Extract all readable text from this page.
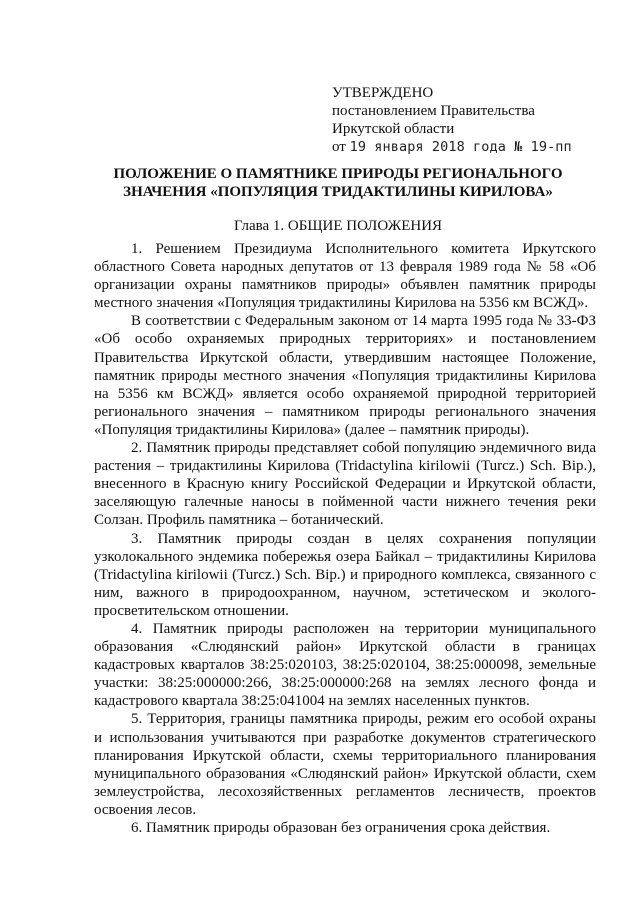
УТВЕРЖДЕНО
постановлением Правительства
Иркутской области
от 19 января 2018 года № 19-пп
ПОЛОЖЕНИЕ О ПАМЯТНИКЕ ПРИРОДЫ РЕГИОНАЛЬНОГО
ЗНАЧЕНИЯ «ПОПУЛЯЦИЯ ТРИДАКТИЛИНЫ КИРИЛОВА»
Глава 1. ОБЩИЕ ПОЛОЖЕНИЯ

1. Решением Президиума Исполнительного комитета Иркутского областного Совета народных депутатов от 13 февраля 1989 года № 58 «Об организации охраны памятников природы» объявлен памятник природы местного значения «Популяция тридактилины Кирилова на 5356 км ВСЖД».

В соответствии с Федеральным законом от 14 марта 1995 года № 33-ФЗ «Об особо охраняемых природных территориях» и постановлением Правительства Иркутской области, утвердившим настоящее Положение, памятник природы местного значения «Популяция тридактилины Кирилова на 5356 км ВСЖД» является особо охраняемой природной территорией регионального значения – памятником природы регионального значения «Популяция тридактилины Кирилова» (далее – памятник природы).

2. Памятник природы представляет собой популяцию эндемичного вида растения – тридактилины Кирилова (Tridactylina kirilowii (Turcz.) Sch. Bip.), внесенного в Красную книгу Российской Федерации и Иркутской области, заселяющую галечные наносы в пойменной части нижнего течения реки Солзан. Профиль памятника – ботанический.

3. Памятник природы создан в целях сохранения популяции узколокального эндемика побережья озера Байкал – тридактилины Кирилова (Tridactylina kirilowii (Turcz.) Sch. Bip.) и природного комплекса, связанного с ним, важного в природоохранном, научном, эстетическом и эколого-просветительском отношении.

4. Памятник природы расположен на территории муниципального образования «Слюдянский район» Иркутской области в границах кадастровых кварталов 38:25:020103, 38:25:020104, 38:25:000098, земельные участки: 38:25:000000:266, 38:25:000000:268 на землях лесного фонда и кадастрового квартала 38:25:041004 на землях населенных пунктов.

5. Территория, границы памятника природы, режим его особой охраны и использования учитываются при разработке документов стратегического планирования Иркутской области, схемы территориального планирования муниципального образования «Слюдянский район» Иркутской области, схем землеустройства, лесохозяйственных регламентов лесничеств, проектов освоения лесов.

6. Памятник природы образован без ограничения срока действия.
